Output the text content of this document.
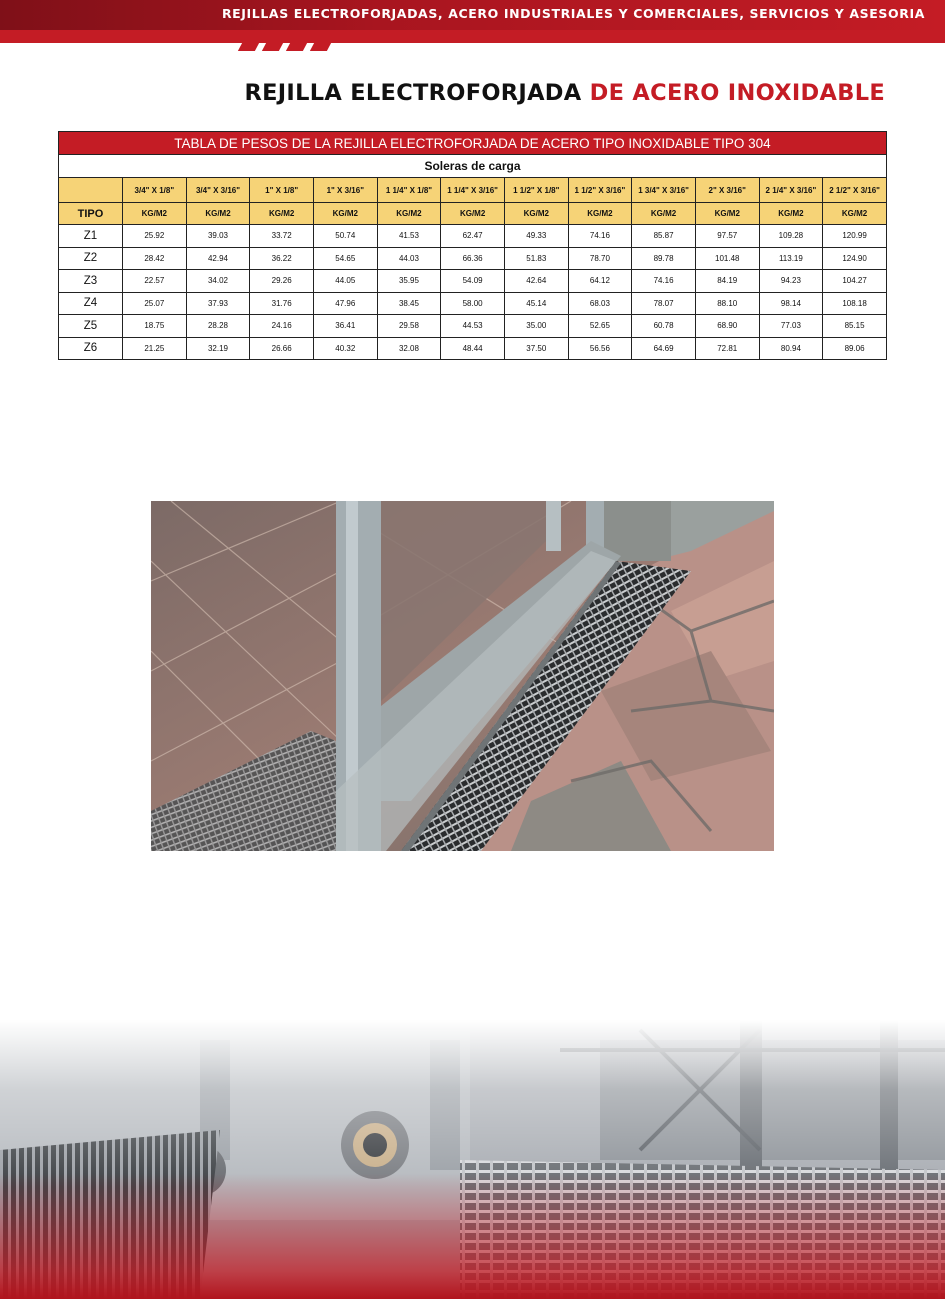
REJILLAS ELECTROFORJADAS, ACERO INDUSTRIALES Y COMERCIALES, SERVICIOS Y ASESORIA
REJILLA ELECTROFORJADA DE ACERO INOXIDABLE
TABLA DE PESOS DE LA REJILLA ELECTROFORJADA DE ACERO TIPO INOXIDABLE TIPO 304												
Soleras de carga												
	3/4" X 1/8"	3/4" X 3/16"	1" X 1/8"	1" X 3/16"	1 1/4" X 1/8"	1 1/4" X 3/16"	1 1/2" X 1/8"	1 1/2" X 3/16"	1 3/4" X 3/16"	2" X 3/16"	2 1/4" X 3/16"	2 1/2" X 3/16"
TIPO	KG/M2	KG/M2	KG/M2	KG/M2	KG/M2	KG/M2	KG/M2	KG/M2	KG/M2	KG/M2	KG/M2	KG/M2
Z1	25.92	39.03	33.72	50.74	41.53	62.47	49.33	74.16	85.87	97.57	109.28	120.99
Z2	28.42	42.94	36.22	54.65	44.03	66.36	51.83	78.70	89.78	101.48	113.19	124.90
Z3	22.57	34.02	29.26	44.05	35.95	54.09	42.64	64.12	74.16	84.19	94.23	104.27
Z4	25.07	37.93	31.76	47.96	38.45	58.00	45.14	68.03	78.07	88.10	98.14	108.18
Z5	18.75	28.28	24.16	36.41	29.58	44.53	35.00	52.65	60.78	68.90	77.03	85.15
Z6	21.25	32.19	26.66	40.32	32.08	48.44	37.50	56.56	64.69	72.81	80.94	89.06
